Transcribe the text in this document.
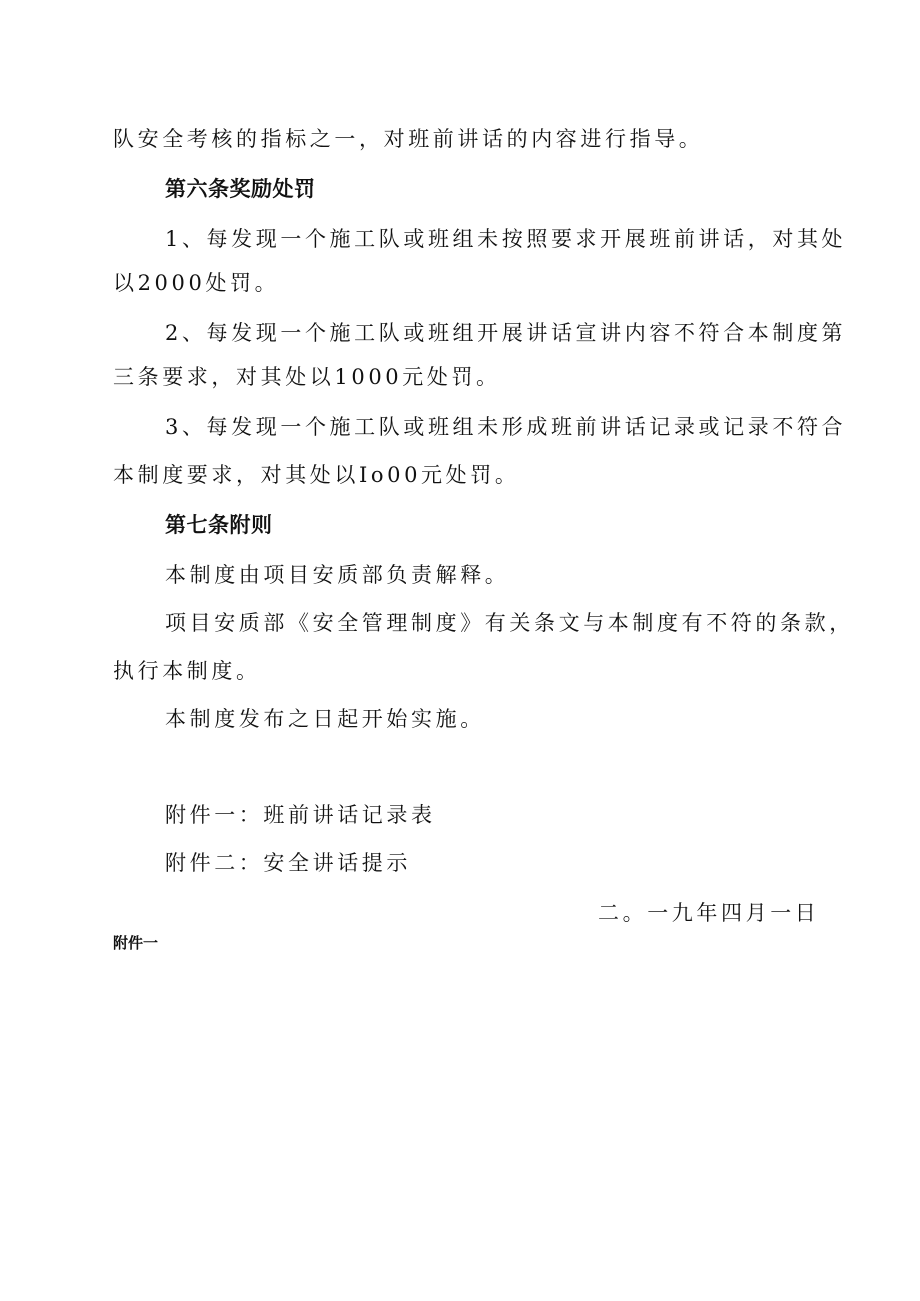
队安全考核的指标之一，对班前讲话的内容进行指导。
第六条奖励处罚
1、每发现一个施工队或班组未按照要求开展班前讲话，对其处
以2000处罚。
2、每发现一个施工队或班组开展讲话宣讲内容不符合本制度第
三条要求，对其处以1000元处罚。
3、每发现一个施工队或班组未形成班前讲话记录或记录不符合
本制度要求，对其处以Io00元处罚。
第七条附则
本制度由项目安质部负责解释。
项目安质部《安全管理制度》有关条文与本制度有不符的条款，
执行本制度。
本制度发布之日起开始实施。
附件一：班前讲话记录表
附件二：安全讲话提示
二。一九年四月一日
附件一
